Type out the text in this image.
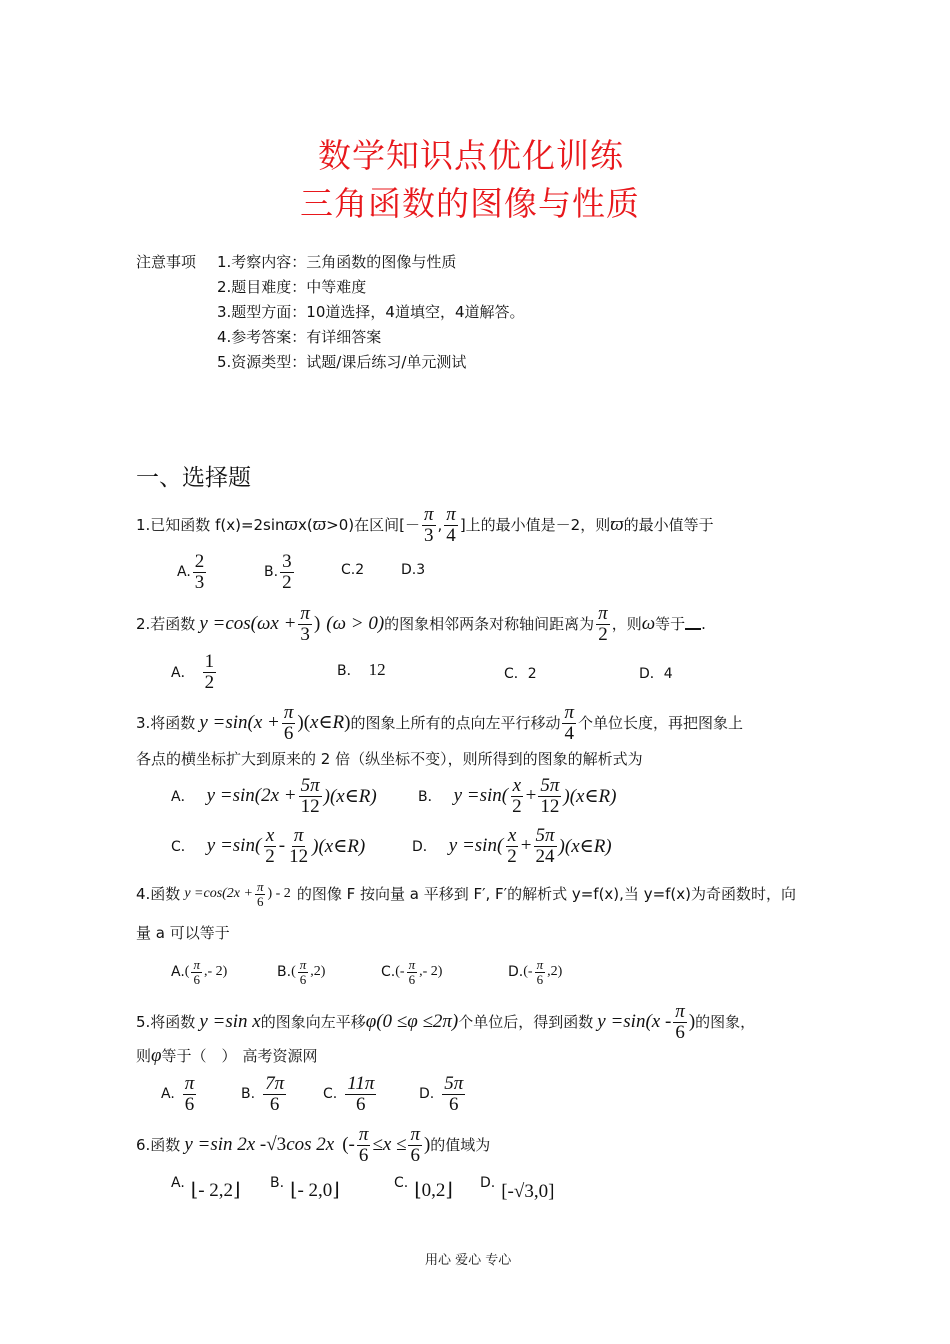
数学知识点优化训练
三角函数的图像与性质
注意事项 1.考察内容：三角函数的图像与性质
2.题目难度：中等难度
3.题型方面：10道选择，4道填空，4道解答。
4.参考答案：有详细答案
5.资源类型：试题/课后练习/单元测试
一、选择题
1.已知函数 f(x)=2sin ϖ x( ϖ >0)在区间[ － $\frac{\pi}{3}$ , $\frac{\pi}{4}$ ]上的最小值是－2，则 ϖ 的最小值等于
A. $\frac{2}{3}$	B. $\frac{3}{2}$	C.2	D.3
2.若函数 y =cos( $\omega x + \frac{\pi}{3}$ ) (ω > 0) 的图象相邻两条对称轴间距离为 $\frac{\pi}{2}$ ，则 ω 等于 .
A． $\frac{1}{2}$	B． 12	C．2	D．4
3.将函数 y =sin( $x + \frac{\pi}{6}$ )( x∈R ) 的图象上所有的点向左平行移动 $\frac{\pi}{4}$ 个单位长度，再把图象上
各点的横坐标扩大到原来的 2 倍（纵坐标不变），则所得到的图象的解析式为
A． $y =\sin(2x + \frac{5\pi}{12}$ )(x∈R)	B． $y =\sin( \frac{x}{2} + \frac{5\pi}{12}$ )(x∈R)
C． $y =\sin( \frac{x}{2} - \frac{\pi}{12}$ )(x∈R)	D． $y =\sin( \frac{x}{2} + \frac{5\pi}{24}$ )(x∈R)
4.函数 $y =\cos(2x + \frac{\pi}{6}$ ) - 2 的图像 F 按向量 a 平移到 F′, F′的解析式 y=f(x),当 y=f(x)为奇函数时，向
量 a 可以等于
A. ( $\frac{\pi}{6}$ ,- 2)	B. ( $\frac{\pi}{6} ,2$)	C. (- $\frac{\pi}{6}$ ,- 2)	D. (- $\frac{\pi}{6} ,2$)
5.将函数 y =sin x 的图象向左平移 φ(0 ≤φ ≤2π) 个单位后，得到函数 $y =\sin(x - \frac{\pi}{6}$ ) 的图象，
则 φ 等于（　） 高考资源网
A. $\frac{\pi}{6}$	B. $\frac{7\pi}{6}$	C. $\frac{11\pi}{6}$	D. $\frac{5\pi}{6}$
6.函数 y =sin 2x - √3 cos 2x (- $\frac{\pi}{6} \le x \le \frac{\pi}{6}$ ) 的值域为
A. ⌊- 2,2⌋ B. ⌊- 2,0⌋	C. ⌊0,2⌋ D. [-√3,0]
用心 爱心 专心
